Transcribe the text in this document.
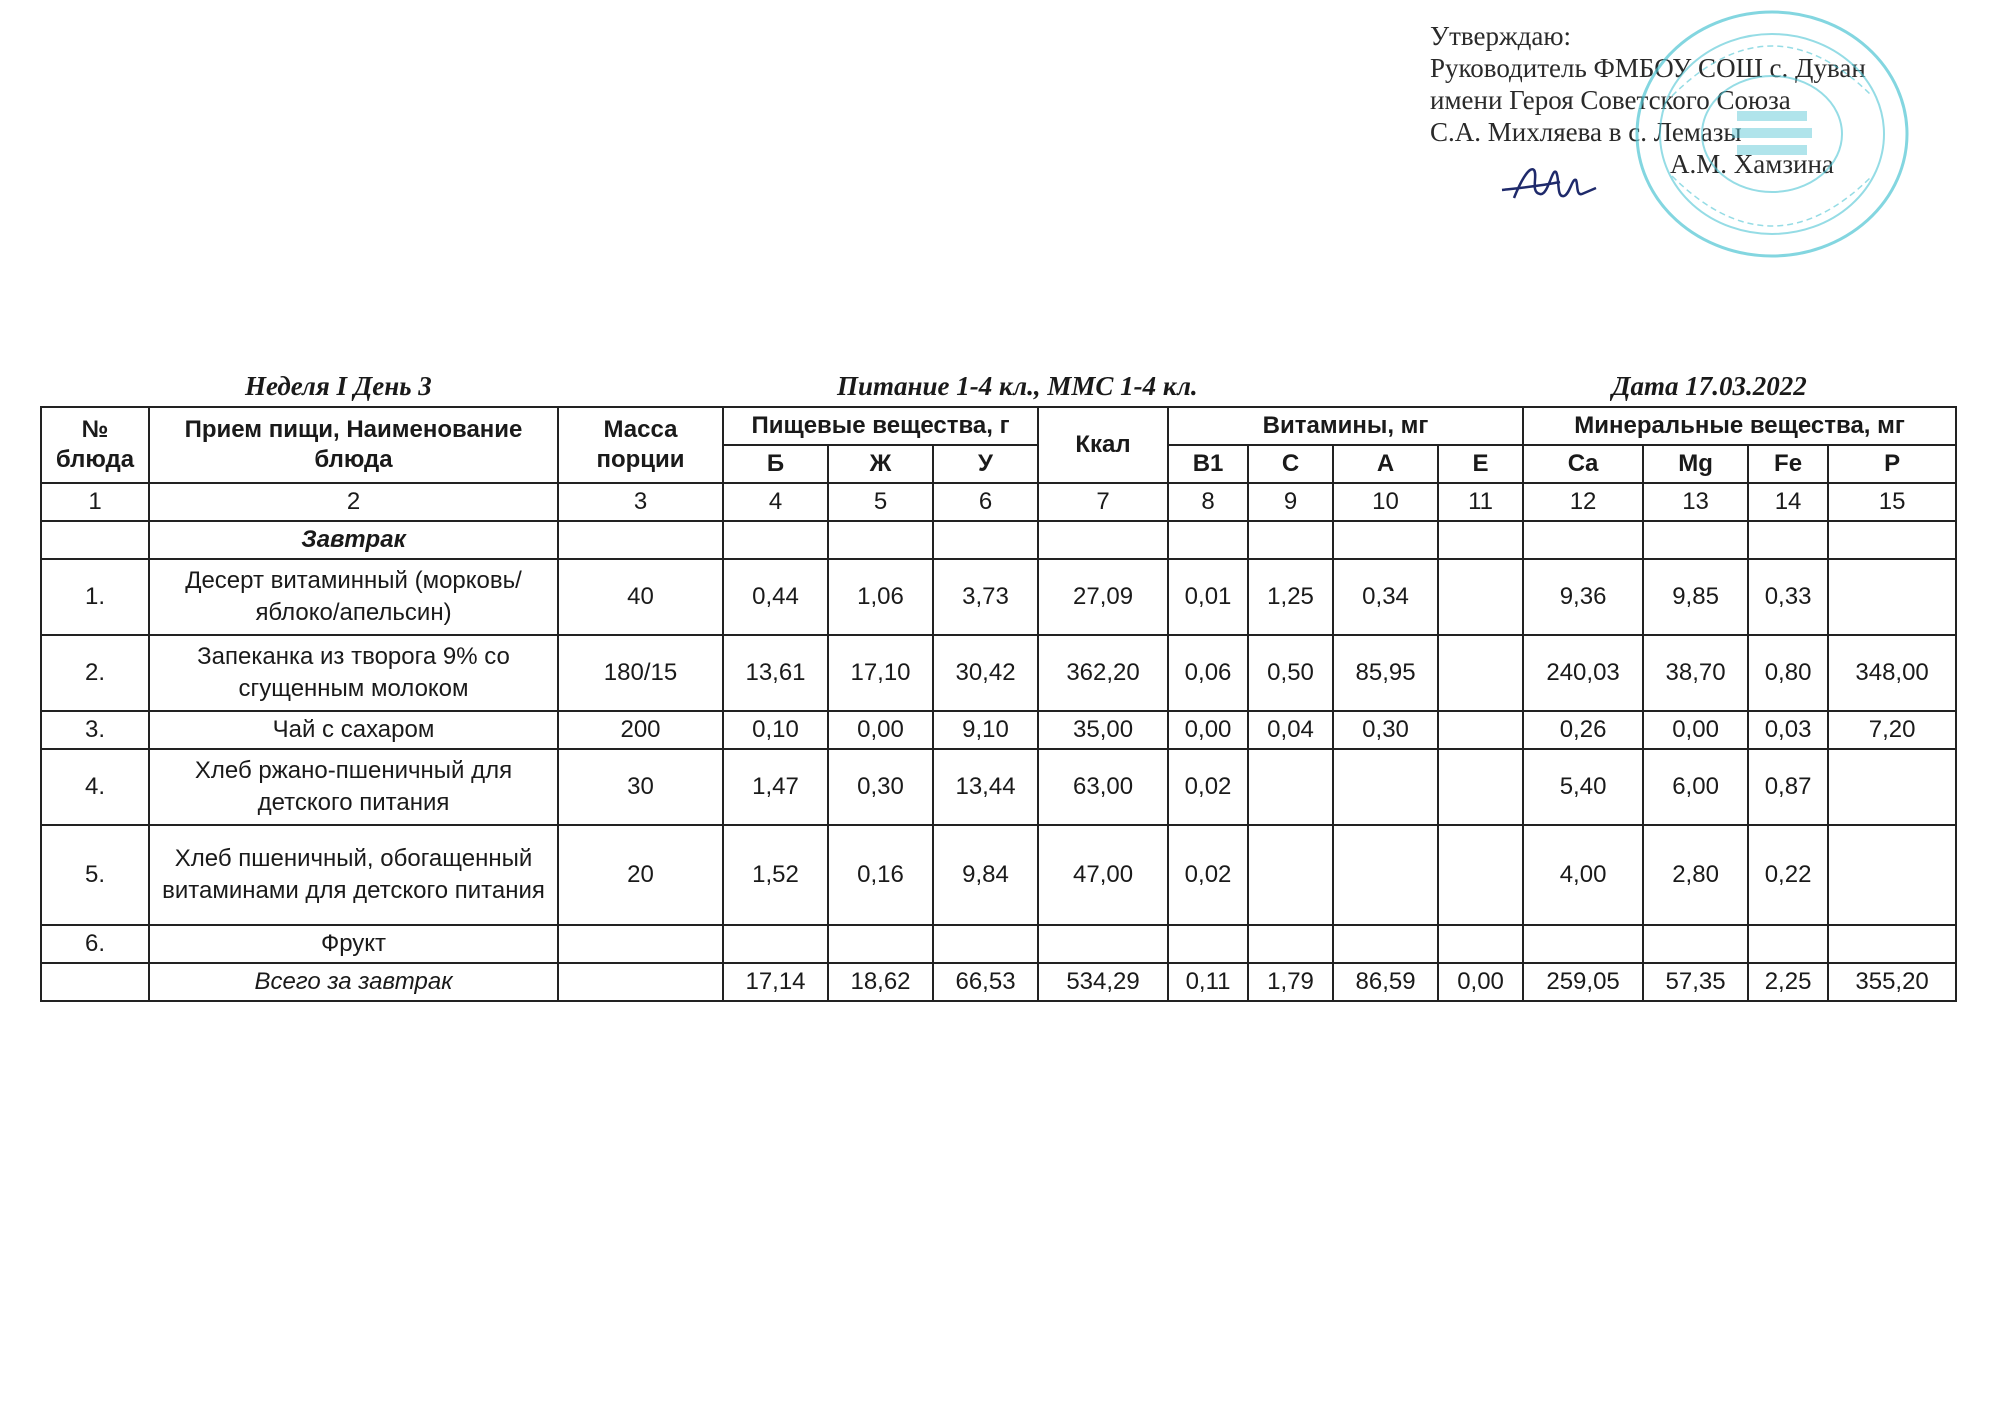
Утверждаю:
Руководитель ФМБОУ СОШ с. Дуван
имени Героя Советского Союза
С.А. Михляева в с. Лемазы
А.М. Хамзина
Неделя I День 3	Питание 1-4 кл., ММС 1-4 кл.	Дата 17.03.2022
№ блюда	Прием пищи, Наименование блюда	Масса порции	Пищевые вещества, г			Ккал	Витамины, мг				Минеральные вещества, мг			
			Б	Ж	У		В1	С	А	Е	Ca	Mg	Fe	P
1	2	3	4	5	6	7	8	9	10	11	12	13	14	15
	Завтрак													
1.	Десерт витаминный (морковь/яблоко/апельсин)	40	0,44	1,06	3,73	27,09	0,01	1,25	0,34		9,36	9,85	0,33	
2.	Запеканка из творога 9% со сгущенным молоком	180/15	13,61	17,10	30,42	362,20	0,06	0,50	85,95		240,03	38,70	0,80	348,00
3.	Чай с сахаром	200	0,10	0,00	9,10	35,00	0,00	0,04	0,30		0,26	0,00	0,03	7,20
4.	Хлеб ржано-пшеничный для детского питания	30	1,47	0,30	13,44	63,00	0,02				5,40	6,00	0,87	
5.	Хлеб пшеничный, обогащенный витаминами для детского питания	20	1,52	0,16	9,84	47,00	0,02				4,00	2,80	0,22	
6.	Фрукт													
	Всего за завтрак		17,14	18,62	66,53	534,29	0,11	1,79	86,59	0,00	259,05	57,35	2,25	355,20
